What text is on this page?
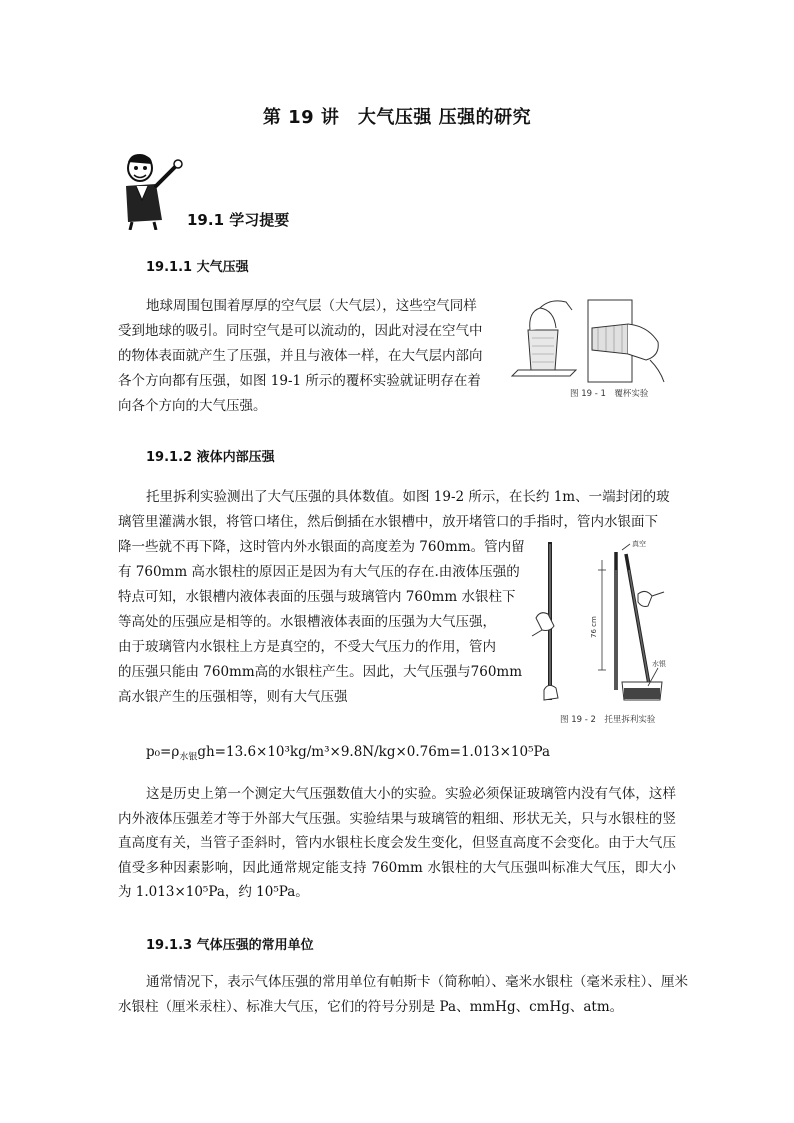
第 19 讲　大气压强 压强的研究
19.1 学习提要
19.1.1 大气压强
地球周围包围着厚厚的空气层（大气层），这些空气同样
受到地球的吸引。同时空气是可以流动的，因此对浸在空气中
的物体表面就产生了压强，并且与液体一样，在大气层内部向
各个方向都有压强，如图 19-1 所示的覆杯实验就证明存在着
向各个方向的大气压强。
图 19 - 1　覆杯实验
19.1.2 液体内部压强
托里拆利实验测出了大气压强的具体数值。如图 19-2 所示，在长约 1m、一端封闭的玻
璃管里灌满水银，将管口堵住，然后倒插在水银槽中，放开堵管口的手指时，管内水银面下
降一些就不再下降，这时管内外水银面的高度差为 760mm。管内留
有 760mm 高水银柱的原因正是因为有大气压的存在.由液体压强的
特点可知，水银槽内液体表面的压强与玻璃管内 760mm 水银柱下
等高处的压强应是相等的。水银槽液体表面的压强为大气压强，
由于玻璃管内水银柱上方是真空的，不受大气压力的作用，管内
的压强只能由 760mm高的水银柱产生。因此，大气压强与760mm
高水银产生的压强相等，则有大气压强
76 cm
真空
水银
图 19 - 2　托里拆利实验
$p_0=\rho_{水银}gh=13.6\times 10^3kg/m^3\times 9.8N/kg\times 0.76m=1.013\times 10^5Pa$
这是历史上第一个测定大气压强数值大小的实验。实验必须保证玻璃管内没有气体，这样内外液体压强差才等于外部大气压强。实验结果与玻璃管的粗细、形状无关，只与水银柱的竖直高度有关，当管子歪斜时，管内水银柱长度会发生变化，但竖直高度不会变化。由于大气压值受多种因素影响，因此通常规定能支持 760mm 水银柱的大气压强叫标准大气压，即大小为 1.013×10⁵Pa，约 10⁵Pa。
19.1.3 气体压强的常用单位
通常情况下，表示气体压强的常用单位有帕斯卡（简称帕）、毫米水银柱（毫米汞柱）、厘米水银柱（厘米汞柱）、标准大气压，它们的符号分别是 Pa、mmHg、cmHg、atm。
